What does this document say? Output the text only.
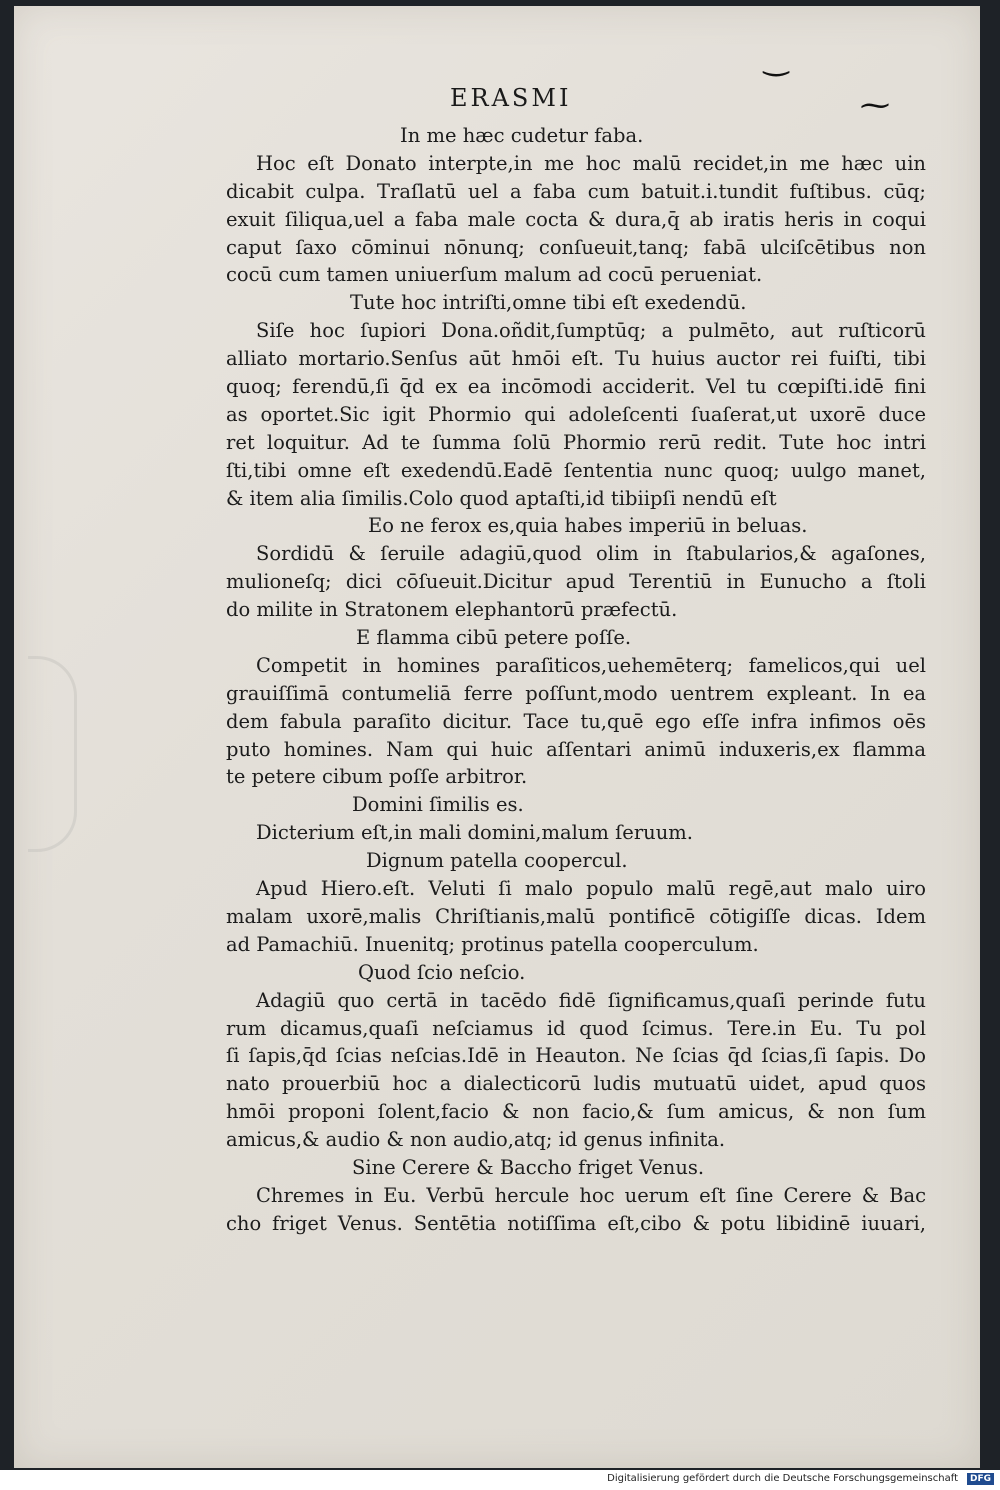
‿
⁓
ERASMI
In me hæc cudetur faba.
Hoc eſt Donato interpte,in me hoc malū recidet,in me hæc uin
dicabit culpa. Traſlatū uel a faba cum batuit.i.tundit fuſtibus. cūq;
exuit ſiliqua,uel a faba male cocta & dura,q̄ ab iratis heris in coqui
caput ſaxo cōminui nōnunq; conſueuit,tanq; fabā ulciſcētibus non
cocū cum tamen uniuerſum malum ad cocū perueniat.
Tute hoc intriſti,omne tibi eſt exedendū.
Siſe hoc ſupiori Dona.oñdit,ſumptūq; a pulmēto, aut ruſticorū
alliato mortario.Senſus aūt hmōi eſt. Tu huius auctor rei fuiſti, tibi
quoq; ferendū,ſi q̄d ex ea incōmodi acciderit. Vel tu cœpiſti.idē fini
as oportet.Sic igit Phormio qui adoleſcenti ſuaſerat,ut uxorē duce
ret loquitur. Ad te ſumma ſolū Phormio rerū redit. Tute hoc intri
ſti,tibi omne eſt exedendū.Eadē ſententia nunc quoq; uulgo manet,
& item alia ſimilis.Colo quod aptaſti,id tibiipſi nendū eſt
Eo ne ferox es,quia habes imperiū in beluas.
Sordidū & ſeruile adagiū,quod olim in ſtabularios,& agaſones,
mulioneſq; dici cōſueuit.Dicitur apud Terentiū in Eunucho a ſtoli
do milite in Stratonem elephantorū præfectū.
E flamma cibū petere poſſe.
Competit in homines paraſiticos,uehemēterq; famelicos,qui uel
grauiſſimā contumeliā ferre poſſunt,modo uentrem expleant. In ea
dem fabula paraſito dicitur. Tace tu,quē ego eſſe infra infimos oēs
puto homines. Nam qui huic aſſentari animū induxeris,ex flamma
te petere cibum poſſe arbitror.
Domini ſimilis es.
Dicterium eſt,in mali domini,malum ſeruum.
Dignum patella coopercul.
Apud Hiero.eſt. Veluti ſi malo populo malū regē,aut malo uiro
malam uxorē,malis Chriſtianis,malū pontificē cōtigiſſe dicas. Idem
ad Pamachiū. Inuenitq; protinus patella cooperculum.
Quod ſcio neſcio.
Adagiū quo certā in tacēdo fidē ſignificamus,quaſi perinde futu
rum dicamus,quaſi neſciamus id quod ſcimus. Tere.in Eu. Tu pol
ſi ſapis,q̄d ſcias neſcias.Idē in Heauton. Ne ſcias q̄d ſcias,ſi ſapis. Do
nato prouerbiū hoc a dialecticorū ludis mutuatū uidet, apud quos
hmōi proponi ſolent,facio & non facio,& ſum amicus, & non ſum
amicus,& audio & non audio,atq; id genus infinita.
Sine Cerere & Baccho friget Venus.
Chremes in Eu. Verbū hercule hoc uerum eſt ſine Cerere & Bac
cho friget Venus. Sentētia notiſſima eſt,cibo & potu libidinē iuuari,
Digitalisierung gefördert durch die Deutsche Forschungsgemeinschaft	DFG
